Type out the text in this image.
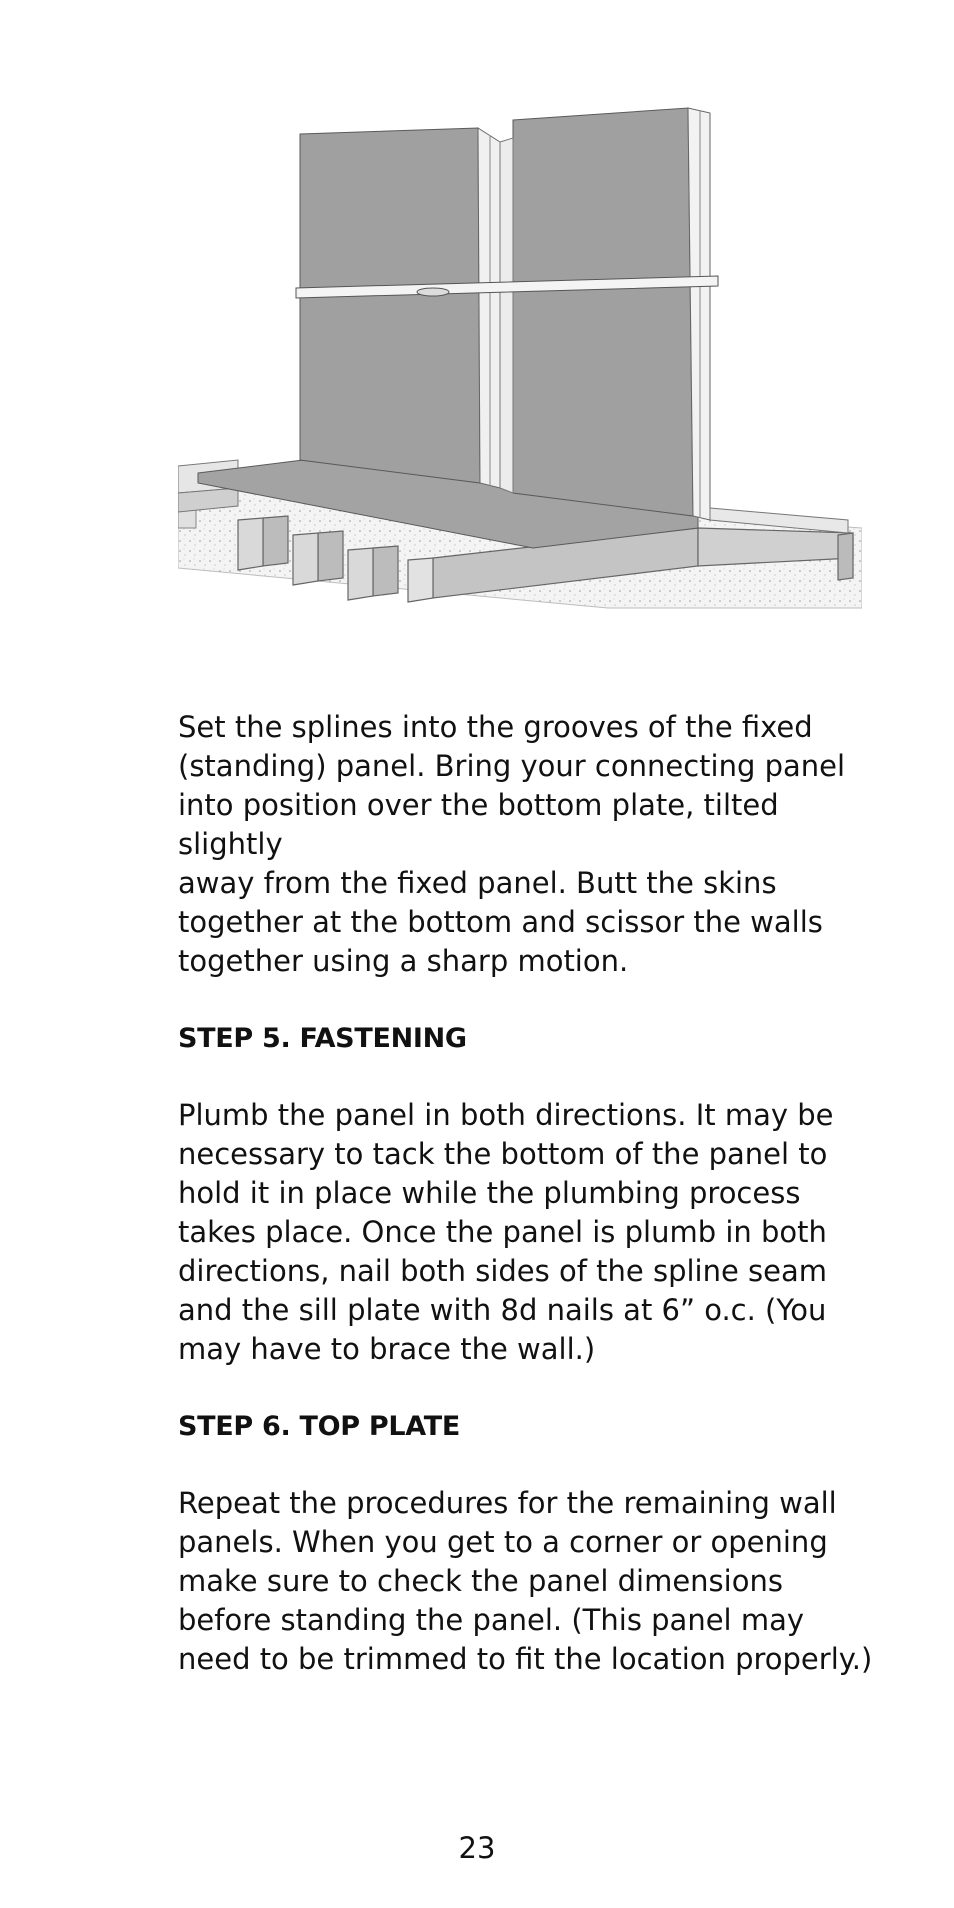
Set the splines into the grooves of the fixed
(standing) panel. Bring your connecting panel
into position over the bottom plate, tilted slightly
away from the fixed panel. Butt the skins
together at the bottom and scissor the walls
together using a sharp motion.

STEP 5. FASTENING

Plumb the panel in both directions. It may be
necessary to tack the bottom of the panel to
hold it in place while the plumbing process
takes place. Once the panel is plumb in both
directions, nail both sides of the spline seam
and the sill plate with 8d nails at 6” o.c. (You
may have to brace the wall.)

STEP 6. TOP PLATE

Repeat the procedures for the remaining wall
panels. When you get to a corner or opening
make sure to check the panel dimensions
before standing the panel. (This panel may
need to be trimmed to fit the location properly.)

23
